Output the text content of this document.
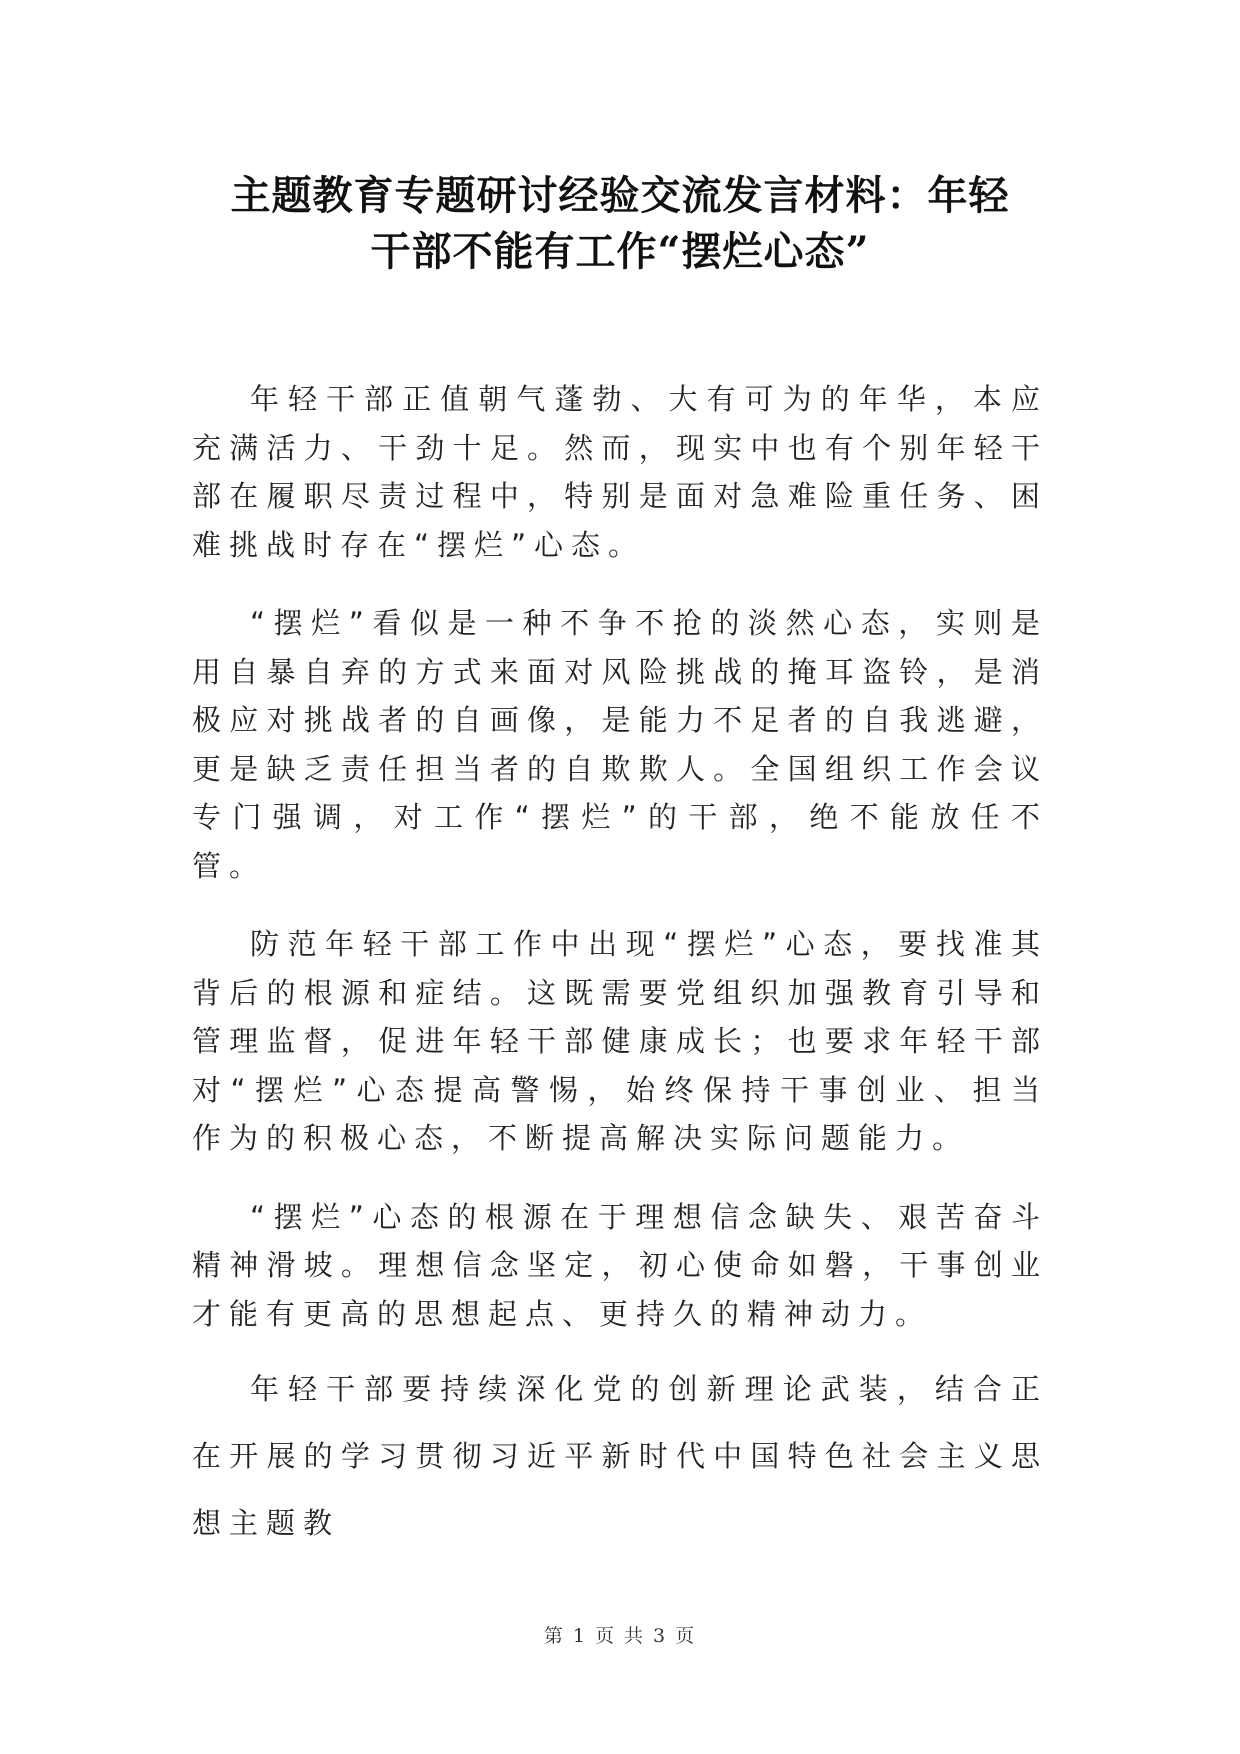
主题教育专题研讨经验交流发言材料：年轻
干部不能有工作“摆烂心态”

年轻干部正值朝气蓬勃、大有可为的年华，本应充满活力、干劲十足。然而，现实中也有个别年轻干部在履职尽责过程中，特别是面对急难险重任务、困难挑战时存在“摆烂”心态。

“摆烂”看似是一种不争不抢的淡然心态，实则是用自暴自弃的方式来面对风险挑战的掩耳盗铃，是消极应对挑战者的自画像，是能力不足者的自我逃避，更是缺乏责任担当者的自欺欺人。全国组织工作会议专门强调，对工作“摆烂”的干部，绝不能放任不管。

防范年轻干部工作中出现“摆烂”心态，要找准其背后的根源和症结。这既需要党组织加强教育引导和管理监督，促进年轻干部健康成长；也要求年轻干部对“摆烂”心态提高警惕，始终保持干事创业、担当作为的积极心态，不断提高解决实际问题能力。

“摆烂”心态的根源在于理想信念缺失、艰苦奋斗精神滑坡。理想信念坚定，初心使命如磐，干事创业才能有更高的思想起点、更持久的精神动力。

年轻干部要持续深化党的创新理论武装，结合正在开展的学习贯彻习近平新时代中国特色社会主义思想主题教

第 1 页 共 3 页
